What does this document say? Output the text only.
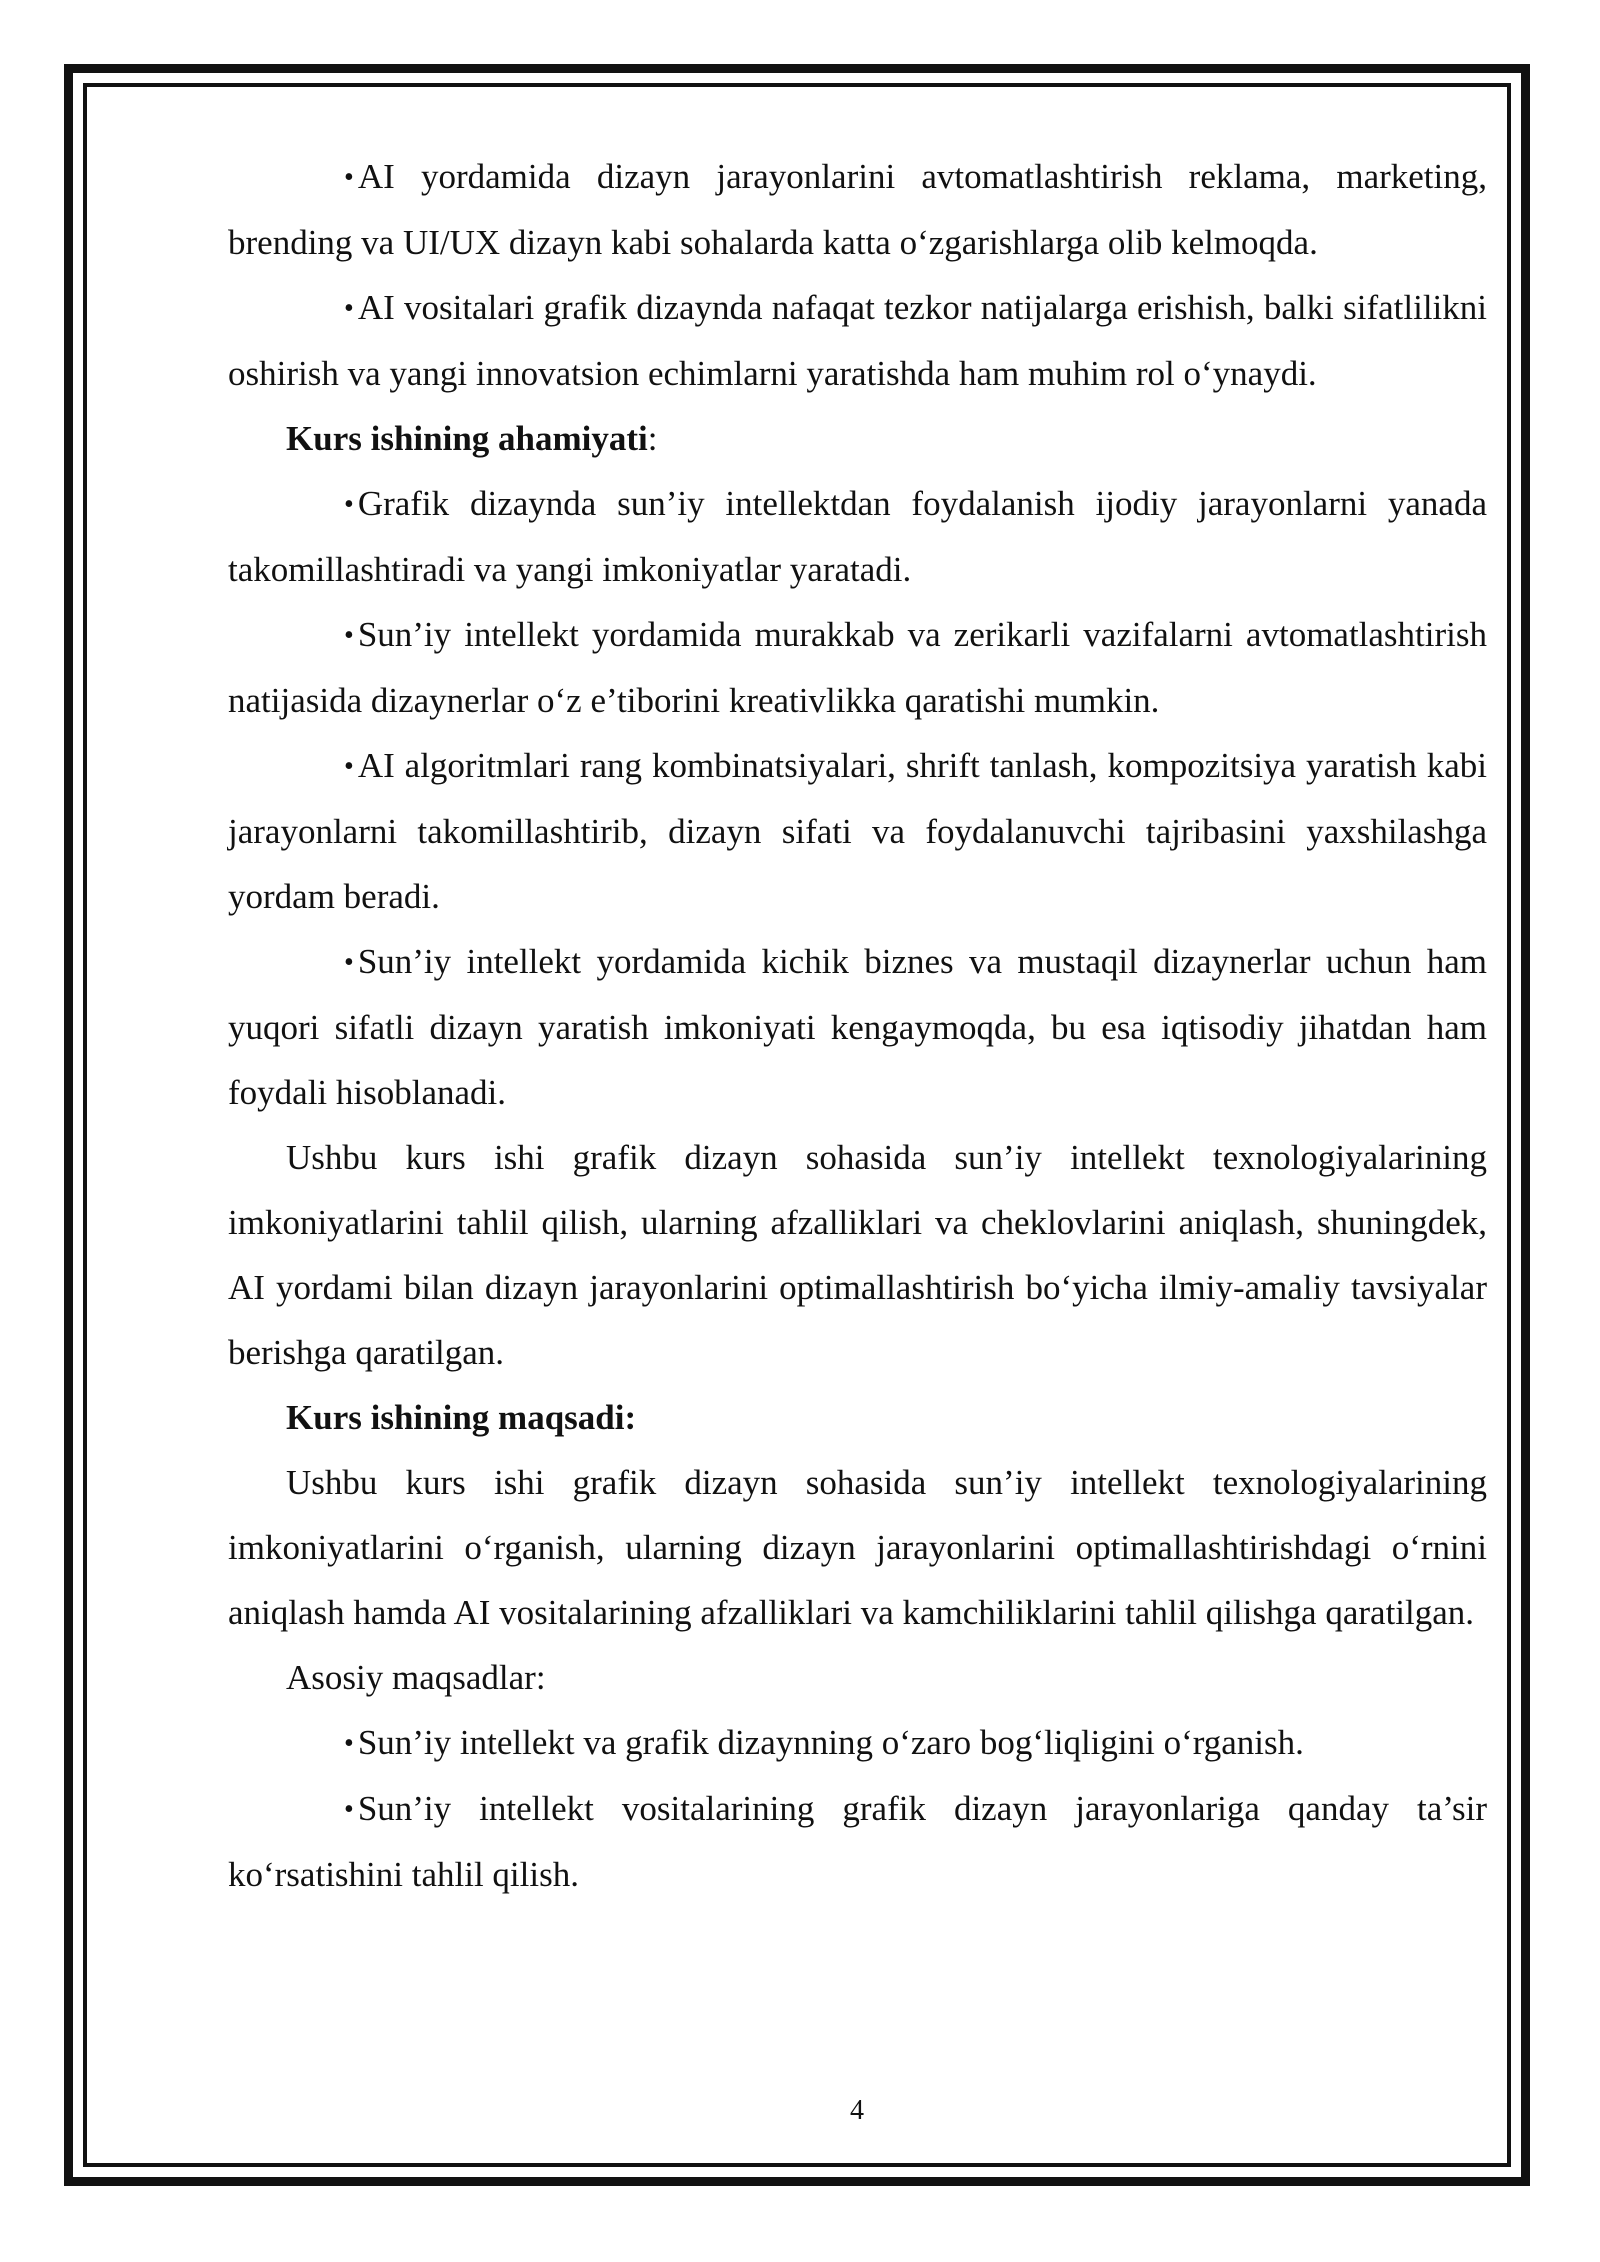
• AI yordamida dizayn jarayonlarini avtomatlashtirish reklama, marketing, brending va UI/UX dizayn kabi sohalarda katta o‘zgarishlarga olib kelmoqda.

• AI vositalari grafik dizaynda nafaqat tezkor natijalarga erishish, balki sifatlilikni oshirish va yangi innovatsion echimlarni yaratishda ham muhim rol o‘ynaydi.

Kurs ishining ahamiyati:

• Grafik dizaynda sun’iy intellektdan foydalanish ijodiy jarayonlarni yanada takomillashtiradi va yangi imkoniyatlar yaratadi.

• Sun’iy intellekt yordamida murakkab va zerikarli vazifalarni avtomatlashtirish natijasida dizaynerlar o‘z e’tiborini kreativlikka qaratishi mumkin.

• AI algoritmlari rang kombinatsiyalari, shrift tanlash, kompozitsiya yaratish kabi jarayonlarni takomillashtirib, dizayn sifati va foydalanuvchi tajribasini yaxshilashga yordam beradi.

• Sun’iy intellekt yordamida kichik biznes va mustaqil dizaynerlar uchun ham yuqori sifatli dizayn yaratish imkoniyati kengaymoqda, bu esa iqtisodiy jihatdan ham foydali hisoblanadi.

Ushbu kurs ishi grafik dizayn sohasida sun’iy intellekt texnologiyalarining imkoniyatlarini tahlil qilish, ularning afzalliklari va cheklovlarini aniqlash, shuningdek, AI yordami bilan dizayn jarayonlarini optimallashtirish bo‘yicha ilmiy-amaliy tavsiyalar berishga qaratilgan.

Kurs ishining maqsadi:

Ushbu kurs ishi grafik dizayn sohasida sun’iy intellekt texnologiyalarining imkoniyatlarini o‘rganish, ularning dizayn jarayonlarini optimallashtirishdagi o‘rnini aniqlash hamda AI vositalarining afzalliklari va kamchiliklarini tahlil qilishga qaratilgan.

Asosiy maqsadlar:

• Sun’iy intellekt va grafik dizaynning o‘zaro bog‘liqligini o‘rganish.

• Sun’iy intellekt vositalarining grafik dizayn jarayonlariga qanday ta’sir ko‘rsatishini tahlil qilish.

4
